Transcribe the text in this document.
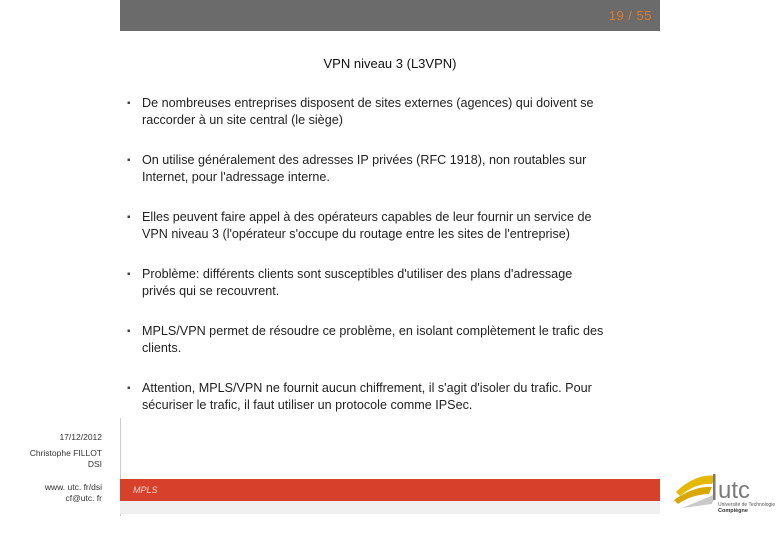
19 / 55
VPN niveau 3 (L3VPN)
▪ De nombreuses entreprises disposent de sites externes (agences) qui doivent se
raccorder à un site central (le siège)
▪ On utilise généralement des adresses IP privées (RFC 1918), non routables sur
Internet, pour l'adressage interne.
▪ Elles peuvent faire appel à des opérateurs capables de leur fournir un service de
VPN niveau 3 (l'opérateur s'occupe du routage entre les sites de l'entreprise)
▪ Problème: différents clients sont susceptibles d'utiliser des plans d'adressage
privés qui se recouvrent.
▪ MPLS/VPN permet de résoudre ce problème, en isolant complètement le trafic des
clients.
▪ Attention, MPLS/VPN ne fournit aucun chiffrement, il s'agit d'isoler du trafic. Pour
sécuriser le trafic, il faut utiliser un protocole comme IPSec.
17/12/2012
Christophe FILLOT
DSI
www. utc. fr/dsi
cf@utc. fr
MPLS	utc
Université de Technologie
Compiègne
